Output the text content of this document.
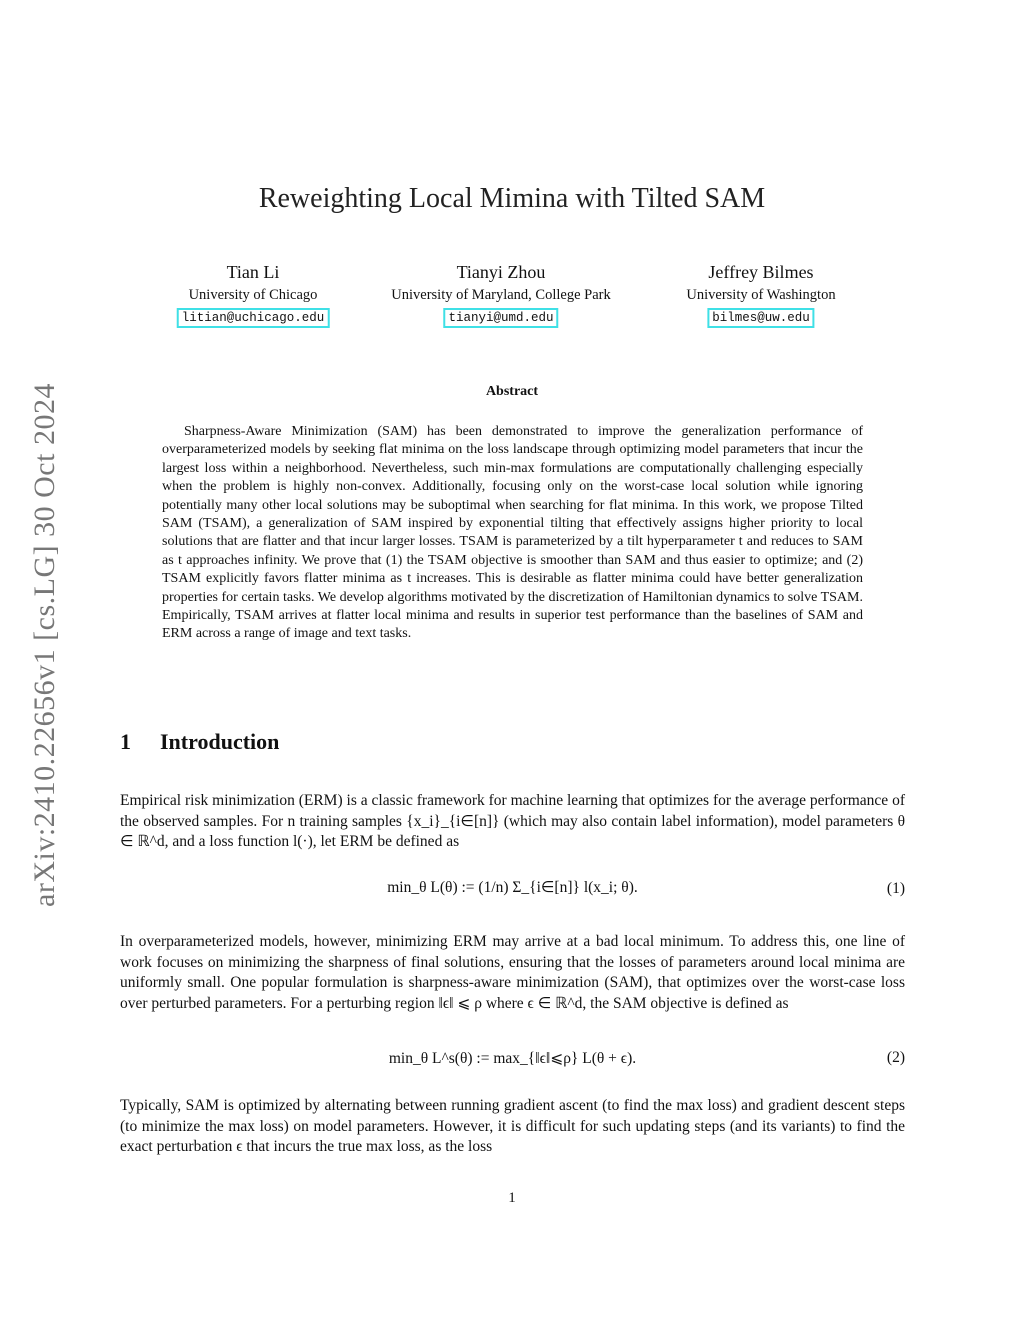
arXiv:2410.22656v1 [cs.LG] 30 Oct 2024
Reweighting Local Mimina with Tilted SAM
Tian Li
University of Chicago
litian@uchicago.edu
Tianyi Zhou
University of Maryland, College Park
tianyi@umd.edu
Jeffrey Bilmes
University of Washington
bilmes@uw.edu
Abstract
Sharpness-Aware Minimization (SAM) has been demonstrated to improve the generalization performance of overparameterized models by seeking flat minima on the loss landscape through optimizing model parameters that incur the largest loss within a neighborhood. Nevertheless, such min-max formulations are computationally challenging especially when the problem is highly non-convex. Additionally, focusing only on the worst-case local solution while ignoring potentially many other local solutions may be suboptimal when searching for flat minima. In this work, we propose Tilted SAM (TSAM), a generalization of SAM inspired by exponential tilting that effectively assigns higher priority to local solutions that are flatter and that incur larger losses. TSAM is parameterized by a tilt hyperparameter t and reduces to SAM as t approaches infinity. We prove that (1) the TSAM objective is smoother than SAM and thus easier to optimize; and (2) TSAM explicitly favors flatter minima as t increases. This is desirable as flatter minima could have better generalization properties for certain tasks. We develop algorithms motivated by the discretization of Hamiltonian dynamics to solve TSAM. Empirically, TSAM arrives at flatter local minima and results in superior test performance than the baselines of SAM and ERM across a range of image and text tasks.
1 Introduction
Empirical risk minimization (ERM) is a classic framework for machine learning that optimizes for the average performance of the observed samples. For n training samples {x_i}_{i∈[n]} (which may also contain label information), model parameters θ ∈ ℝ^d, and a loss function l(·), let ERM be defined as
min_θ L(θ) := (1/n) Σ_{i∈[n]} l(x_i; θ).	(1)
In overparameterized models, however, minimizing ERM may arrive at a bad local minimum. To address this, one line of work focuses on minimizing the sharpness of final solutions, ensuring that the losses of parameters around local minima are uniformly small. One popular formulation is sharpness-aware minimization (SAM), that optimizes over the worst-case loss over perturbed parameters. For a perturbing region ‖ϵ‖ ⩽ ρ where ϵ ∈ ℝ^d, the SAM objective is defined as
min_θ L^s(θ) := max_{‖ϵ‖⩽ρ} L(θ + ϵ).	(2)
Typically, SAM is optimized by alternating between running gradient ascent (to find the max loss) and gradient descent steps (to minimize the max loss) on model parameters. However, it is difficult for such updating steps (and its variants) to find the exact perturbation ϵ that incurs the true max loss, as the loss
1
